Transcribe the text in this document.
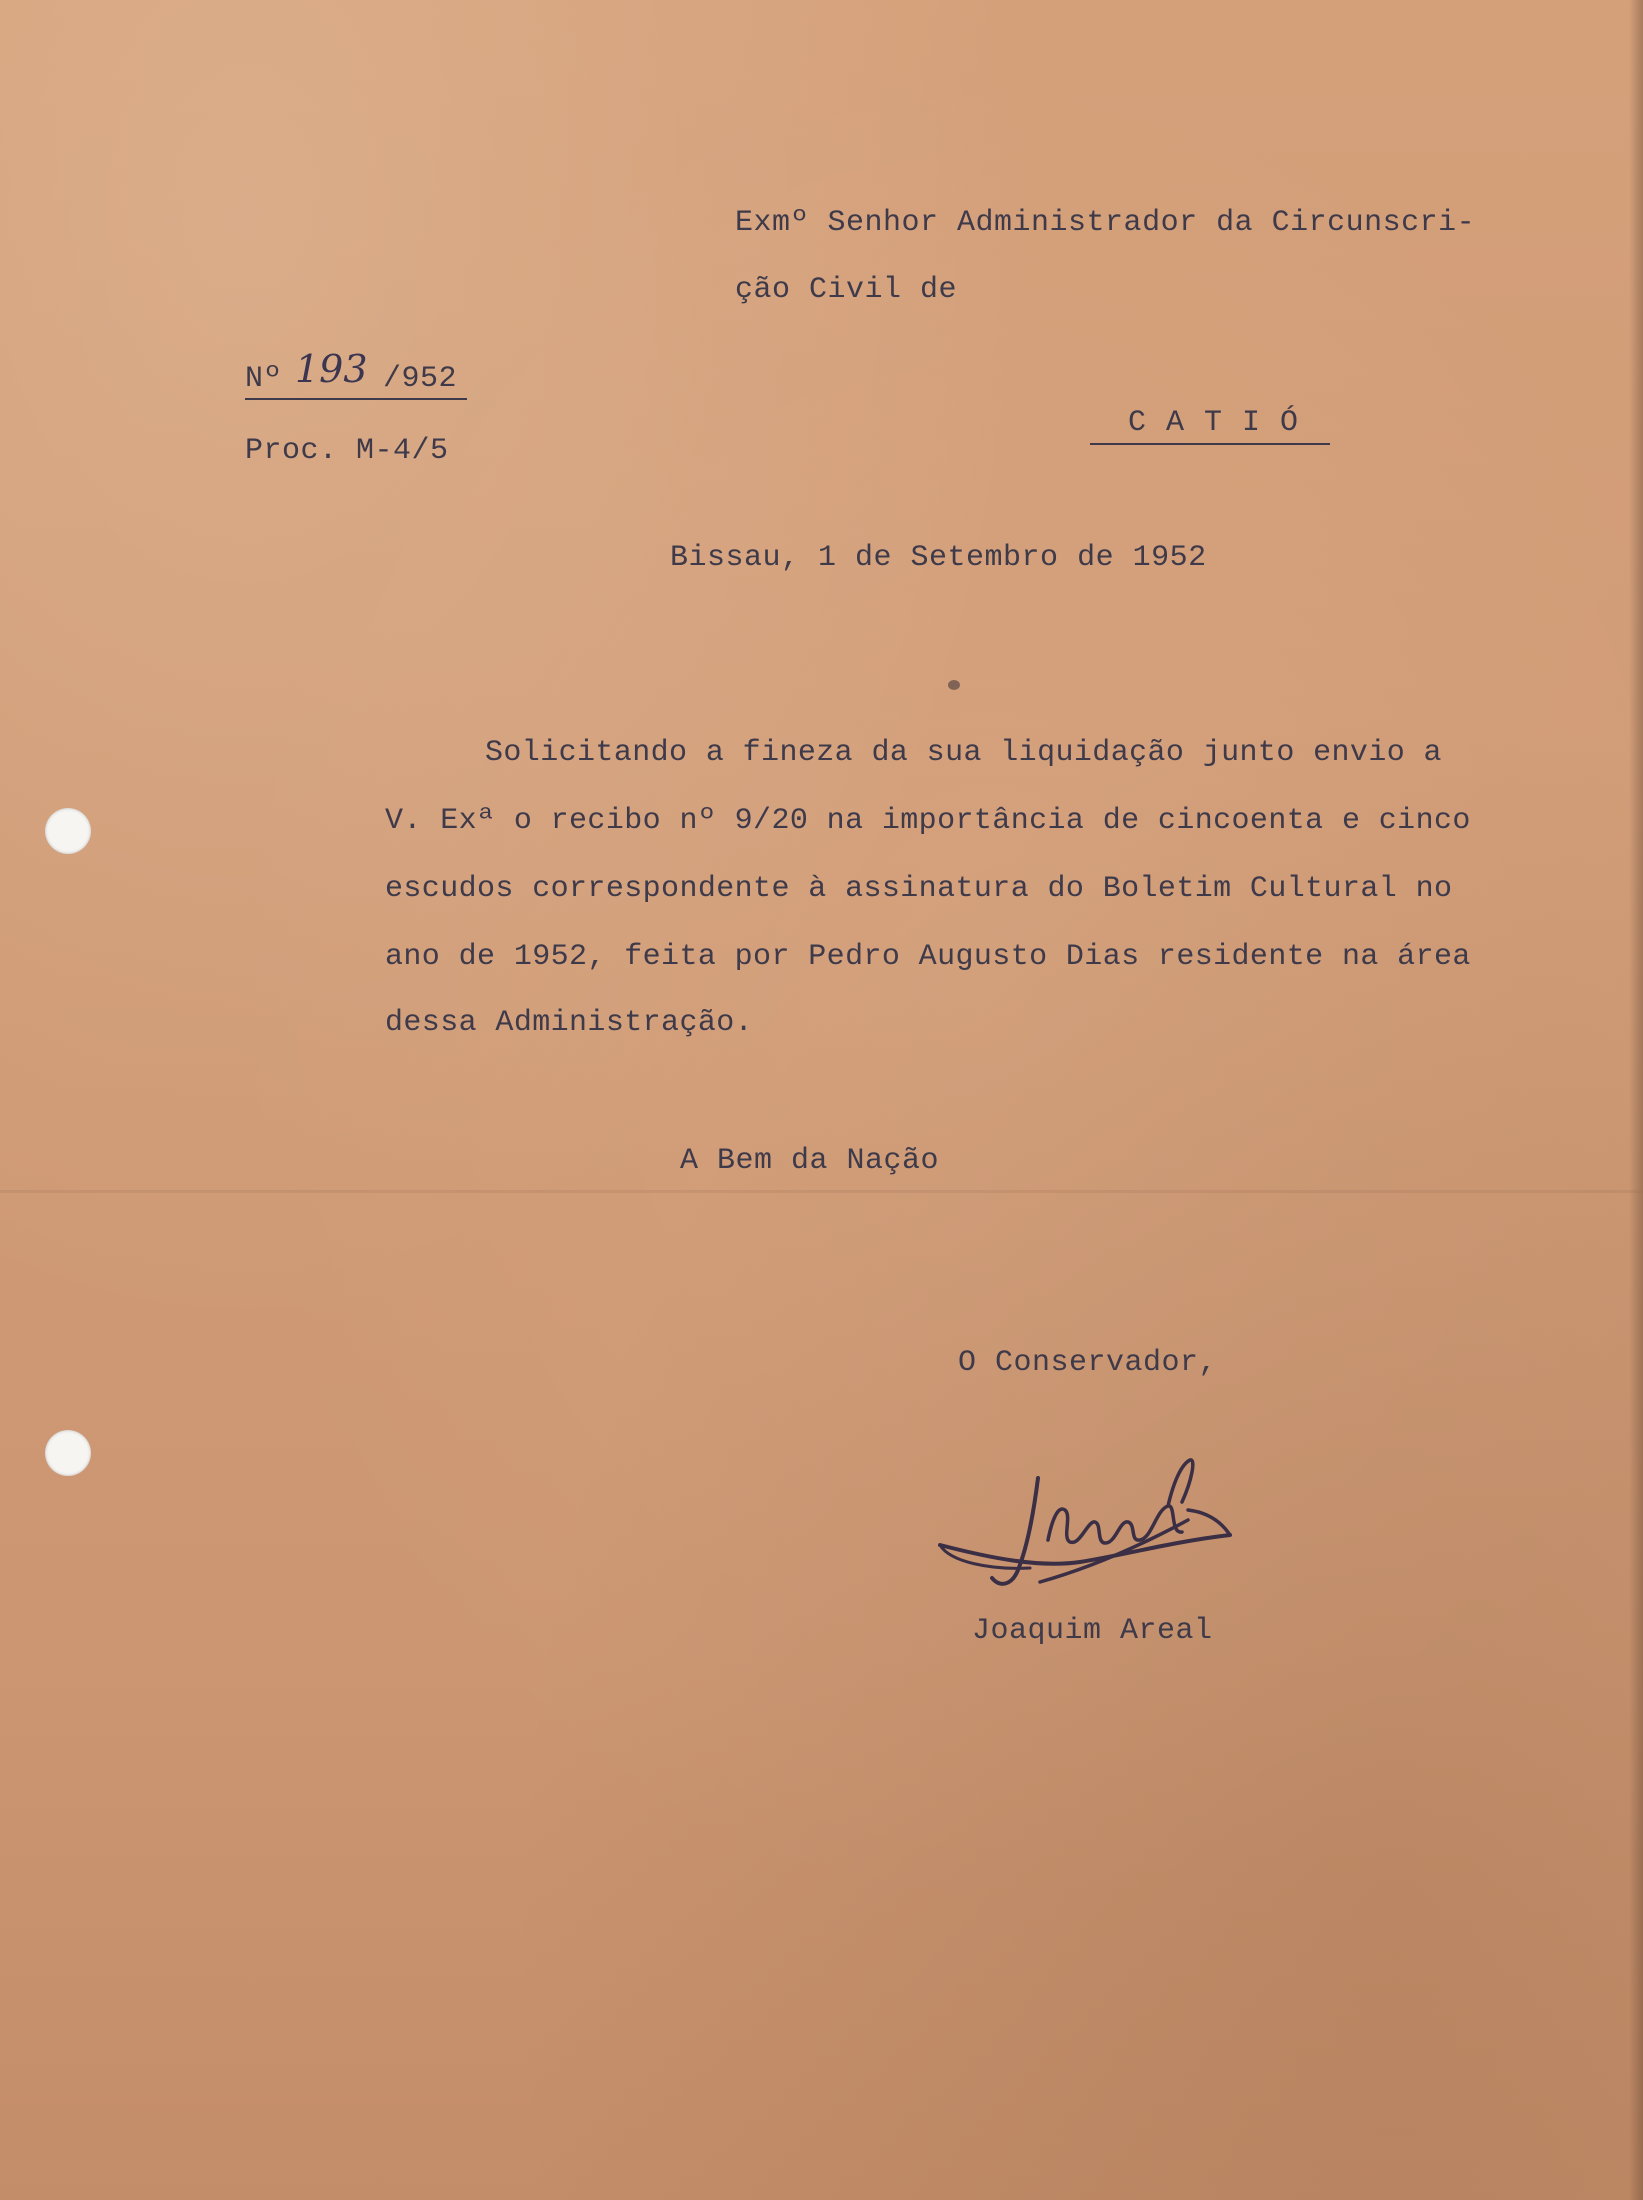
Exmº Senhor Administrador da Circunscri-
ção Civil de
Nº 193 /952
Proc. M-4/5
C A T I Ó
Bissau, 1 de Setembro de 1952
Solicitando a fineza da sua liquidação junto envio a
V. Exª o recibo nº 9/20 na importância de cincoenta e cinco
escudos correspondente à assinatura do Boletim Cultural no
ano de 1952, feita por Pedro Augusto Dias residente na área
dessa Administração.
A Bem da Nação
O Conservador,
Joaquim Areal
